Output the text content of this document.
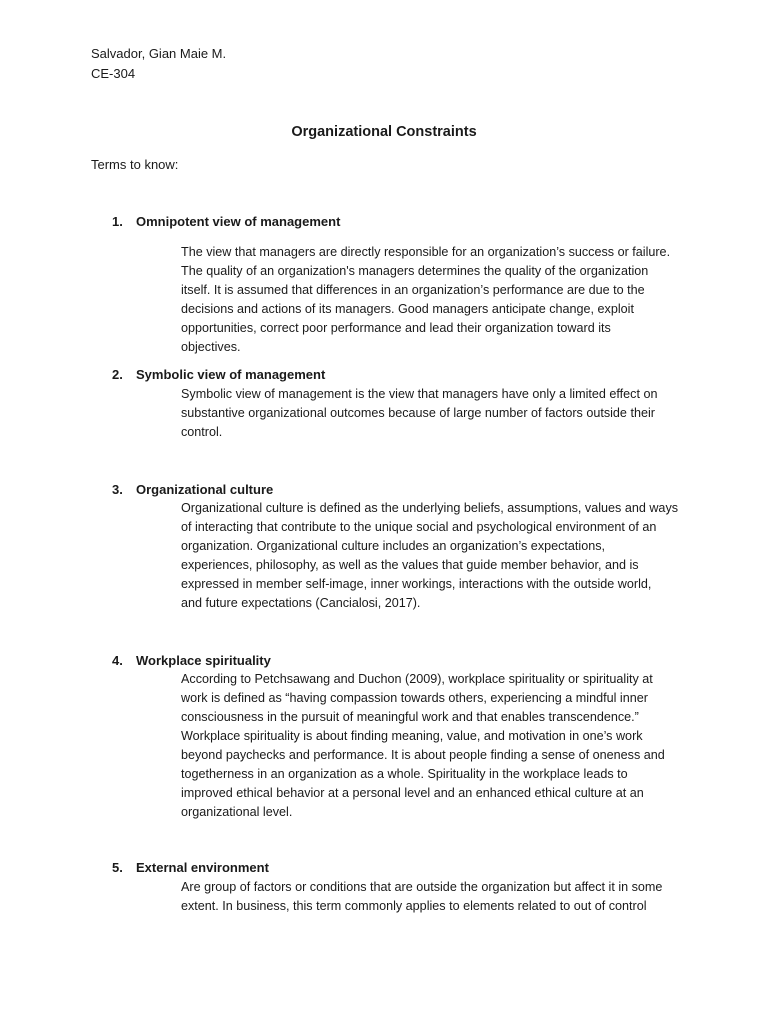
Salvador, Gian Maie M.
CE-304
Organizational Constraints
Terms to know:
1. Omnipotent view of management
The view that managers are directly responsible for an organization’s success or failure.
The quality of an organization's managers determines the quality of the organization
itself. It is assumed that differences in an organization’s performance are due to the
decisions and actions of its managers. Good managers anticipate change, exploit
opportunities, correct poor performance and lead their organization toward its
objectives.
2. Symbolic view of management
Symbolic view of management is the view that managers have only a limited effect on
substantive organizational outcomes because of large number of factors outside their
control.
3. Organizational culture
Organizational culture is defined as the underlying beliefs, assumptions, values and ways
of interacting that contribute to the unique social and psychological environment of an
organization. Organizational culture includes an organization’s expectations,
experiences, philosophy, as well as the values that guide member behavior, and is
expressed in member self-image, inner workings, interactions with the outside world,
and future expectations (Cancialosi, 2017).
4. Workplace spirituality
According to Petchsawang and Duchon (2009), workplace spirituality or spirituality at
work is defined as “having compassion towards others, experiencing a mindful inner
consciousness in the pursuit of meaningful work and that enables transcendence.”
Workplace spirituality is about finding meaning, value, and motivation in one’s work
beyond paychecks and performance. It is about people finding a sense of oneness and
togetherness in an organization as a whole. Spirituality in the workplace leads to
improved ethical behavior at a personal level and an enhanced ethical culture at an
organizational level.
5. External environment
Are group of factors or conditions that are outside the organization but affect it in some
extent. In business, this term commonly applies to elements related to out of control
